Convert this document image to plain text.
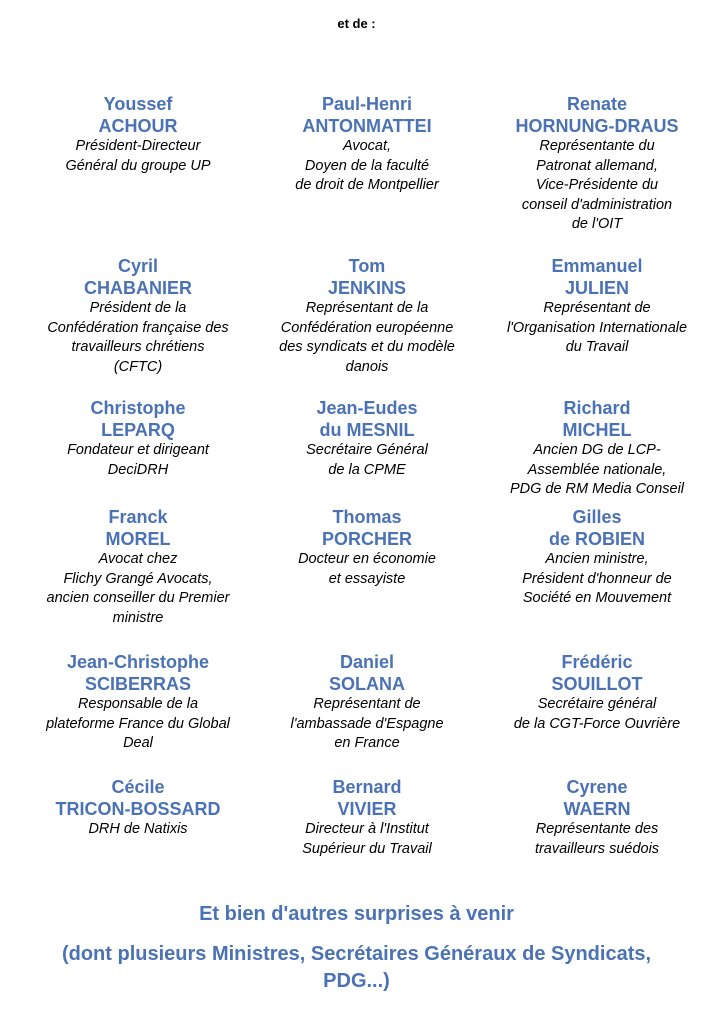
et de :
Youssef
ACHOUR
Président-Directeur
Général du groupe UP
Paul-Henri
ANTONMATTEI
Avocat,
Doyen de la faculté
de droit de Montpellier
Renate
HORNUNG-DRAUS
Représentante du
Patronat allemand,
Vice-Présidente du
conseil d'administration
de l'OIT
Cyril
CHABANIER
Président de la
Confédération française des
travailleurs chrétiens
(CFTC)
Tom
JENKINS
Représentant de la
Confédération européenne
des syndicats et du modèle
danois
Emmanuel
JULIEN
Représentant de
l'Organisation Internationale
du Travail
Christophe
LEPARQ
Fondateur et dirigeant
DeciDRH
Jean-Eudes
du MESNIL
Secrétaire Général
de la CPME
Richard
MICHEL
Ancien DG de LCP-
Assemblée nationale,
PDG de RM Media Conseil
Franck
MOREL
Avocat chez
Flichy Grangé Avocats,
ancien conseiller du Premier
ministre
Thomas
PORCHER
Docteur en économie
et essayiste
Gilles
de ROBIEN
Ancien ministre,
Président d'honneur de
Société en Mouvement
Jean-Christophe
SCIBERRAS
Responsable de la
plateforme France du Global
Deal
Daniel
SOLANA
Représentant de
l'ambassade d'Espagne
en France
Frédéric
SOUILLOT
Secrétaire général
de la CGT-Force Ouvrière
Cécile
TRICON-BOSSARD
DRH de Natixis
Bernard
VIVIER
Directeur à l'Institut
Supérieur du Travail
Cyrene
WAERN
Représentante des
travailleurs suédois
Et bien d'autres surprises à venir
(dont plusieurs Ministres, Secrétaires Généraux de Syndicats,
PDG...)
